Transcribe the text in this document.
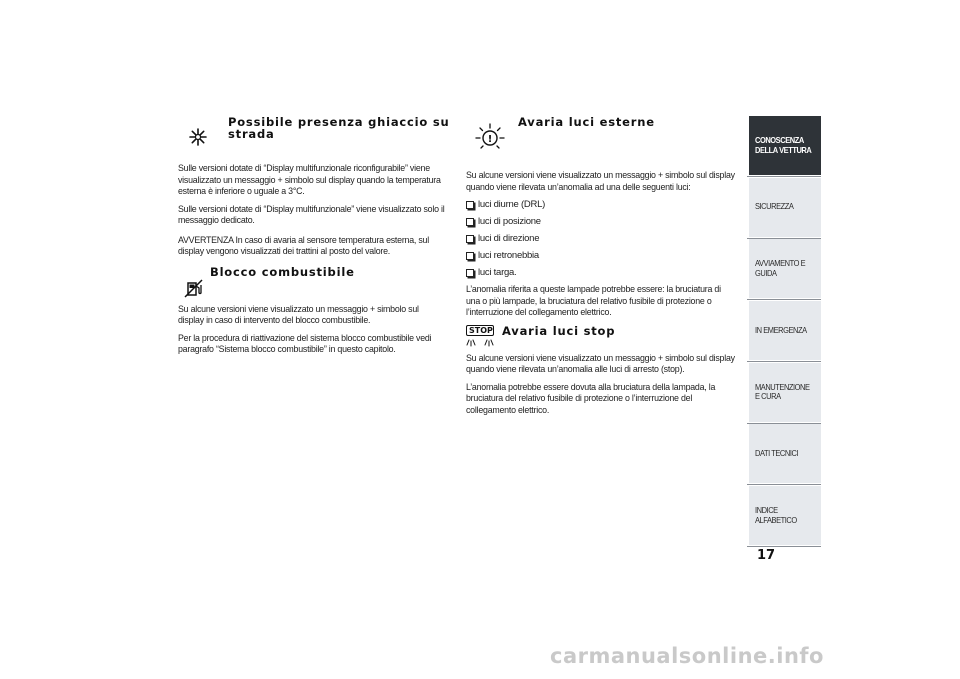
Possibile presenza ghiaccio su strada

Sulle versioni dotate di “Display multifunzionale riconfigurabile” viene visualizzato un messaggio + simbolo sul display quando la temperatura esterna è inferiore o uguale a 3°C.

Sulle versioni dotate di “Display multifunzionale” viene visualizzato solo il messaggio dedicato.

AVVERTENZA In caso di avaria al sensore temperatura esterna, sul display vengono visualizzati dei trattini al posto del valore.

Blocco combustibile

Su alcune versioni viene visualizzato un messaggio + simbolo sul display in caso di intervento del blocco combustibile.

Per la procedura di riattivazione del sistema blocco combustibile vedi paragrafo “Sistema blocco combustibile” in questo capitolo.

!
Avaria luci esterne

Su alcune versioni viene visualizzato un messaggio + simbolo sul display quando viene rilevata un’anomalia ad una delle seguenti luci:

luci diurne (DRL)
luci di posizione
luci di direzione
luci retronebbia
luci targa.

L’anomalia riferita a queste lampade potrebbe essere: la bruciatura di una o più lampade, la bruciatura del relativo fusibile di protezione o l’interruzione del collegamento elettrico.

STOP Avaria luci stop

Su alcune versioni viene visualizzato un messaggio + simbolo sul display quando viene rilevata un’anomalia alle luci di arresto (stop).

L’anomalia potrebbe essere dovuta alla bruciatura della lampada, la bruciatura del relativo fusibile di protezione o l’interruzione del collegamento elettrico.

CONOSCENZA DELLA VETTURA
SICUREZZA
AVVIAMENTO E GUIDA
IN EMERGENZA
MANUTENZIONE E CURA
DATI TECNICI
INDICE ALFABETICO
17
carmanualsonline.info
